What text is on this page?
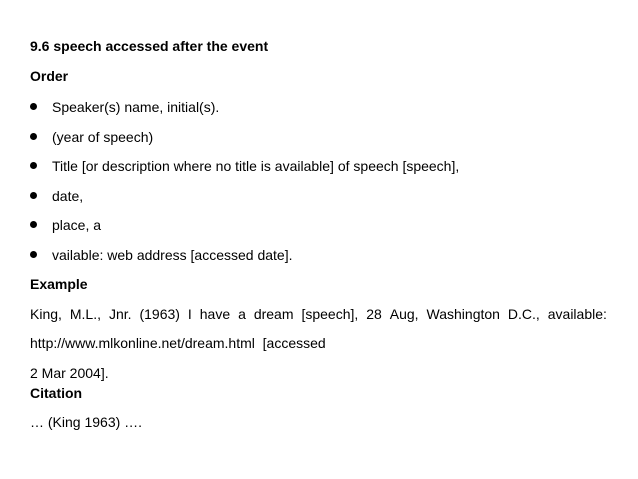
9.6 speech accessed after the event
Order
Speaker(s) name, initial(s).
(year of speech)
Title [or description where no title is available] of speech [speech],
date,
place, a
vailable: web address [accessed date].
Example
King, M.L., Jnr. (1963) I have a dream [speech], 28 Aug, Washington D.C., available:
http://www.mlkonline.net/dream.html  [accessed
2 Mar 2004].
Citation
… (King 1963) ….
